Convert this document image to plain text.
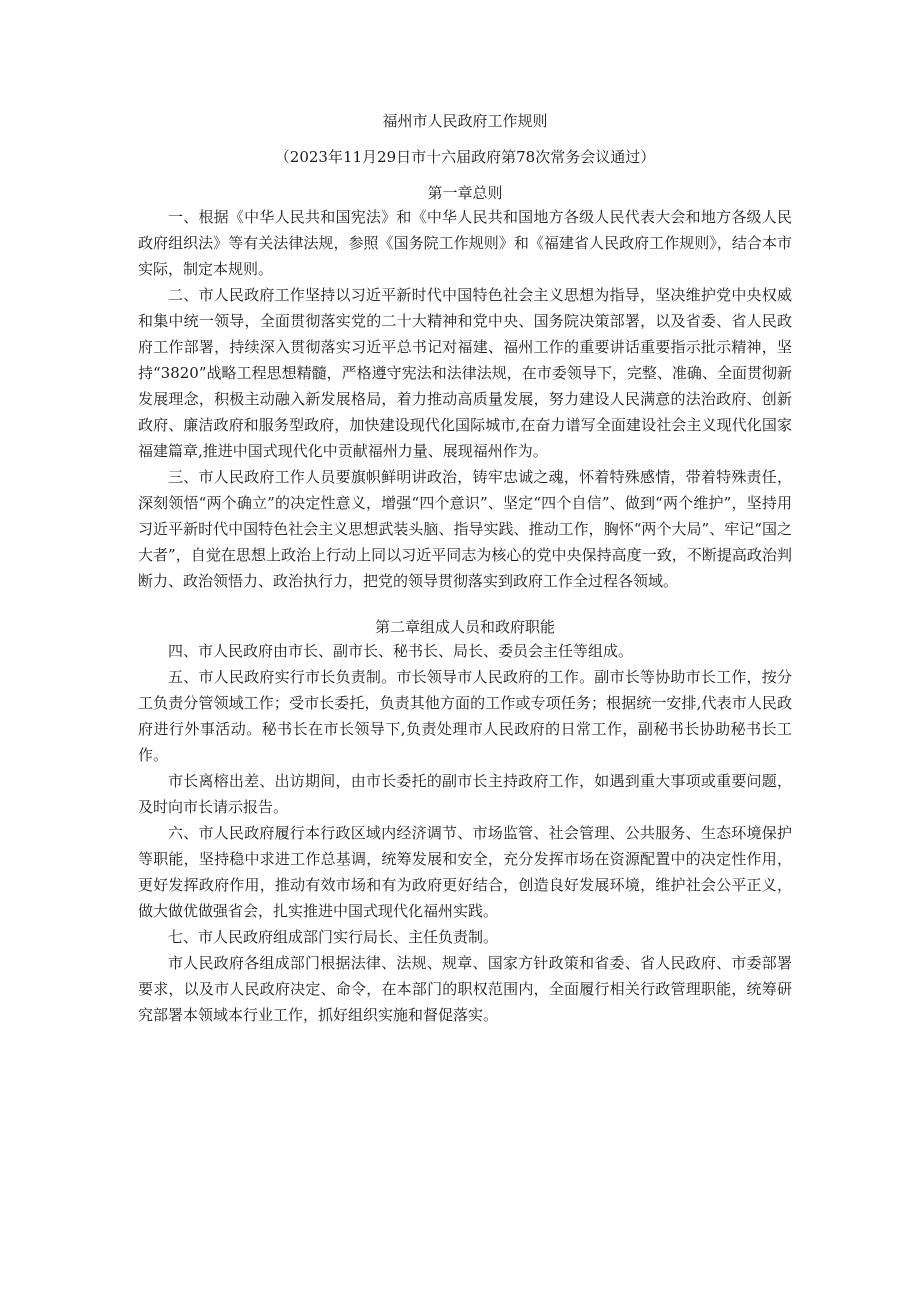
福州市人民政府工作规则

（2023年11月29日市十六届政府第78次常务会议通过）

第一章总则

一、根据《中华人民共和国宪法》和《中华人民共和国地方各级人民代表大会和地方各级人民政府组织法》等有关法律法规，参照《国务院工作规则》和《福建省人民政府工作规则》，结合本市实际，制定本规则。

二、市人民政府工作坚持以习近平新时代中国特色社会主义思想为指导，坚决维护党中央权威和集中统一领导，全面贯彻落实党的二十大精神和党中央、国务院决策部署，以及省委、省人民政府工作部署，持续深入贯彻落实习近平总书记对福建、福州工作的重要讲话重要指示批示精神，坚持“3820”战略工程思想精髓，严格遵守宪法和法律法规，在市委领导下，完整、准确、全面贯彻新发展理念，积极主动融入新发展格局，着力推动高质量发展，努力建设人民满意的法治政府、创新政府、廉洁政府和服务型政府，加快建设现代化国际城市,在奋力谱写全面建设社会主义现代化国家福建篇章,推进中国式现代化中贡献福州力量、展现福州作为。

三、市人民政府工作人员要旗帜鲜明讲政治，铸牢忠诚之魂，怀着特殊感情，带着特殊责任，深刻领悟“两个确立”的决定性意义，增强“四个意识”、坚定“四个自信”、做到“两个维护”，坚持用习近平新时代中国特色社会主义思想武装头脑、指导实践、推动工作，胸怀“两个大局”、牢记“国之大者”，自觉在思想上政治上行动上同以习近平同志为核心的党中央保持高度一致，不断提高政治判断力、政治领悟力、政治执行力，把党的领导贯彻落实到政府工作全过程各领域。

第二章组成人员和政府职能

四、市人民政府由市长、副市长、秘书长、局长、委员会主任等组成。

五、市人民政府实行市长负责制。市长领导市人民政府的工作。副市长等协助市长工作，按分工负责分管领域工作；受市长委托，负责其他方面的工作或专项任务；根据统一安排,代表市人民政府进行外事活动。秘书长在市长领导下,负责处理市人民政府的日常工作，副秘书长协助秘书长工作。

市长离榕出差、出访期间，由市长委托的副市长主持政府工作，如遇到重大事项或重要问题，及时向市长请示报告。

六、市人民政府履行本行政区域内经济调节、市场监管、社会管理、公共服务、生态环境保护等职能，坚持稳中求进工作总基调，统筹发展和安全，充分发挥市场在资源配置中的决定性作用，更好发挥政府作用，推动有效市场和有为政府更好结合，创造良好发展环境，维护社会公平正义，做大做优做强省会，扎实推进中国式现代化福州实践。

七、市人民政府组成部门实行局长、主任负责制。

市人民政府各组成部门根据法律、法规、规章、国家方针政策和省委、省人民政府、市委部署要求，以及市人民政府决定、命令，在本部门的职权范围内，全面履行相关行政管理职能，统筹研究部署本领域本行业工作，抓好组织实施和督促落实。
